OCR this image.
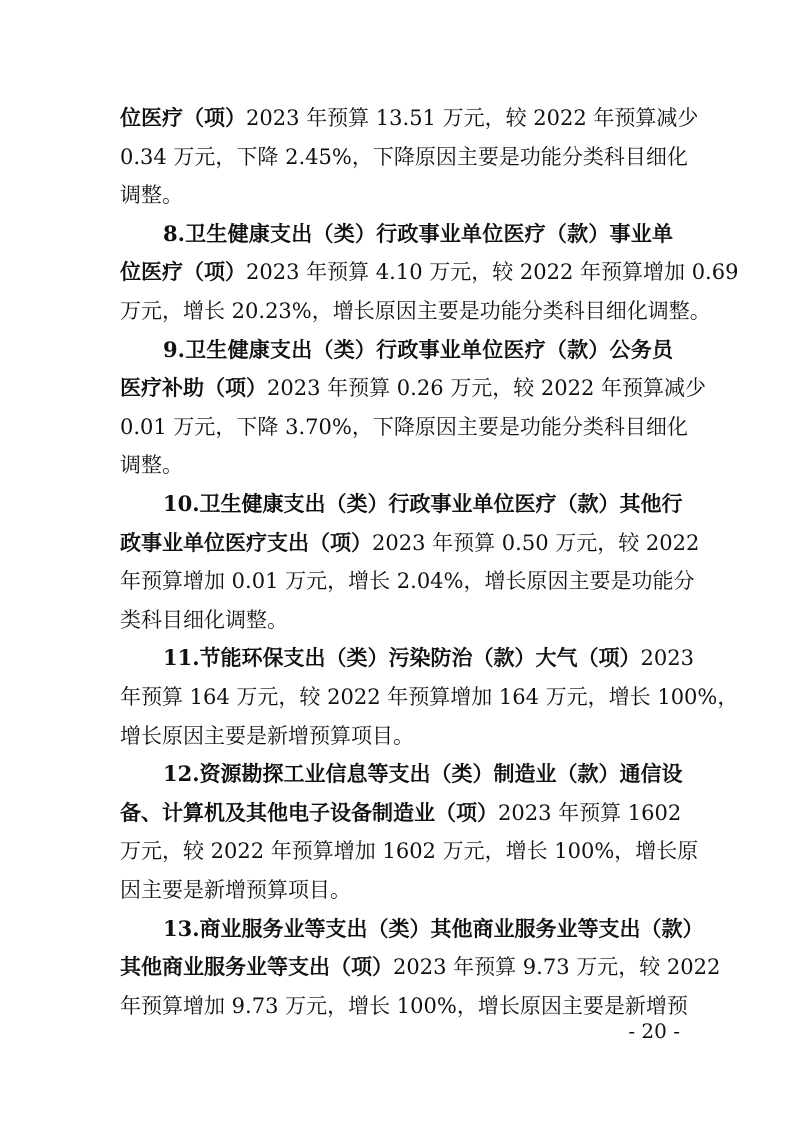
位医疗（项）2023 年预算 13.51 万元，较 2022 年预算减少
0.34 万元，下降 2.45%，下降原因主要是功能分类科目细化
调整。
8.卫生健康支出（类）行政事业单位医疗（款）事业单
位医疗（项）2023 年预算 4.10 万元，较 2022 年预算增加 0.69
万元，增长 20.23%，增长原因主要是功能分类科目细化调整。
9.卫生健康支出（类）行政事业单位医疗（款）公务员
医疗补助（项）2023 年预算 0.26 万元，较 2022 年预算减少
0.01 万元，下降 3.70%，下降原因主要是功能分类科目细化
调整。
10.卫生健康支出（类）行政事业单位医疗（款）其他行
政事业单位医疗支出（项）2023 年预算 0.50 万元，较 2022
年预算增加 0.01 万元，增长 2.04%，增长原因主要是功能分
类科目细化调整。
11.节能环保支出（类）污染防治（款）大气（项）2023
年预算 164 万元，较 2022 年预算增加 164 万元，增长 100%，
增长原因主要是新增预算项目。
12.资源勘探工业信息等支出（类）制造业（款）通信设
备、计算机及其他电子设备制造业（项）2023 年预算 1602
万元，较 2022 年预算增加 1602 万元，增长 100%，增长原
因主要是新增预算项目。
13.商业服务业等支出（类）其他商业服务业等支出（款）
其他商业服务业等支出（项）2023 年预算 9.73 万元，较 2022
年预算增加 9.73 万元，增长 100%，增长原因主要是新增预
- 20 -
